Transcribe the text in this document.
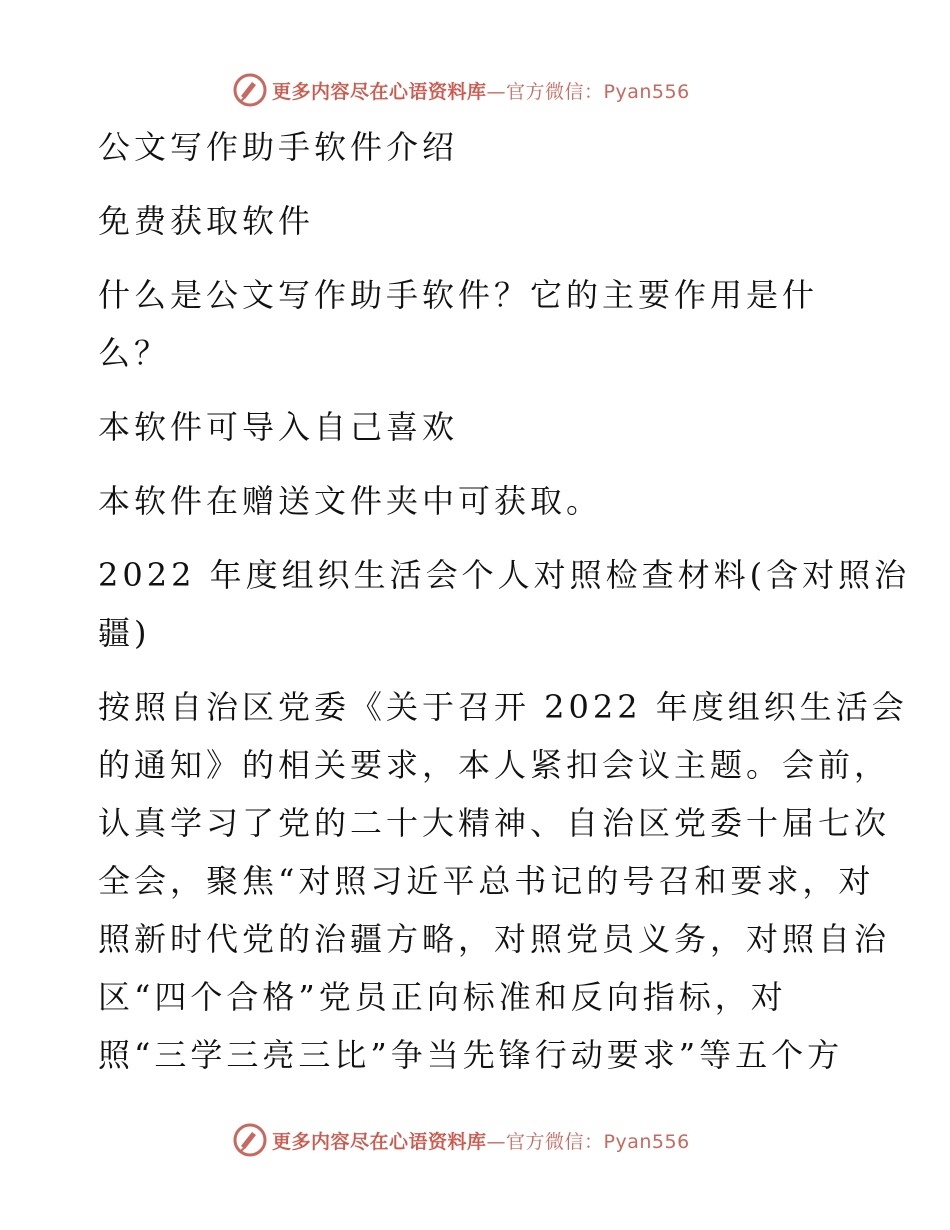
更多内容尽在心语资料库—官方微信：Pyan556
公文写作助手软件介绍
免费获取软件
什么是公文写作助手软件？它的主要作用是什
么？
本软件可导入自己喜欢
本软件在赠送文件夹中可获取。
2022 年度组织生活会个人对照检查材料(含对照治
疆)
按照自治区党委《关于召开 2022 年度组织生活会
的通知》的相关要求，本人紧扣会议主题。会前，
认真学习了党的二十大精神、自治区党委十届七次
全会，聚焦“对照习近平总书记的号召和要求，对
照新时代党的治疆方略，对照党员义务，对照自治
区“四个合格”党员正向标准和反向指标，对
照“三学三亮三比”争当先锋行动要求”等五个方
更多内容尽在心语资料库—官方微信：Pyan556
